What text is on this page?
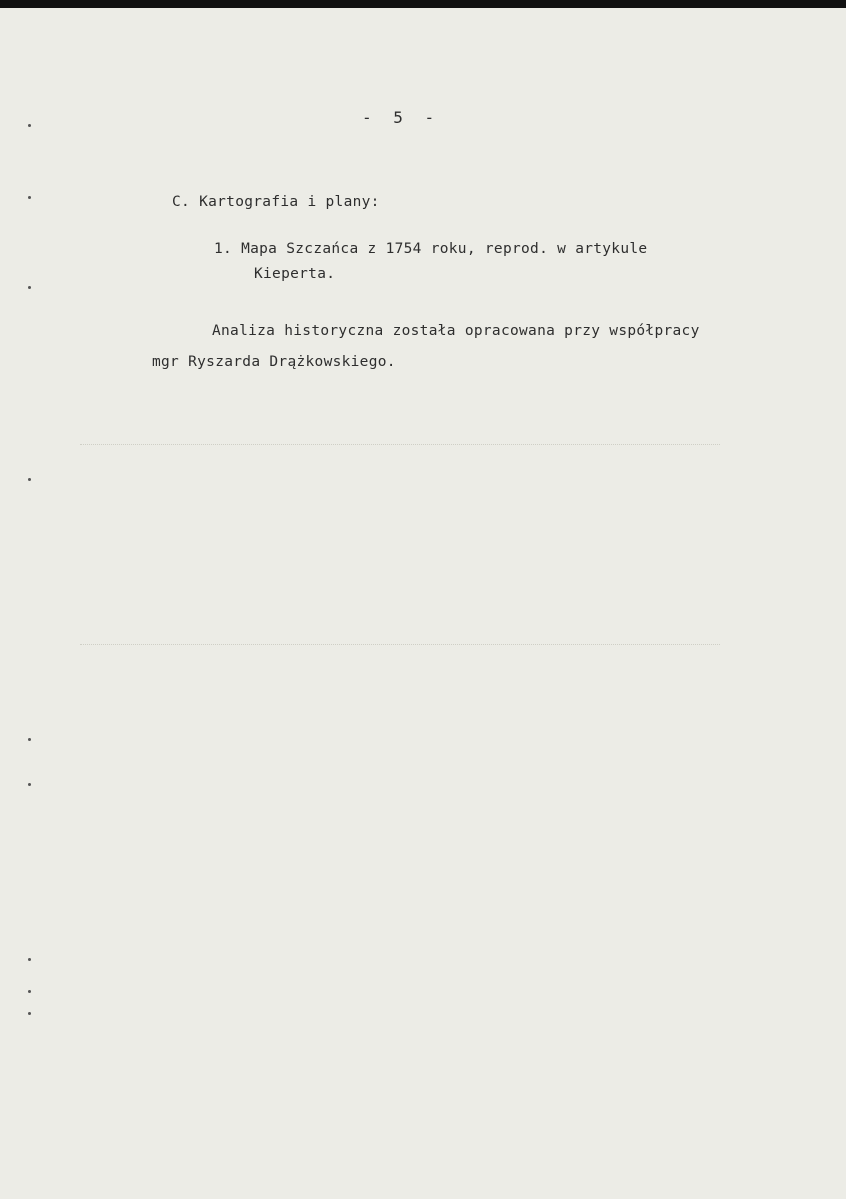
- 5 -
C. Kartografia i plany:
1. Mapa Szczańca z 1754 roku, reprod. w artykule
Kieperta.
Analiza historyczna została opracowana przy współpracy
mgr Ryszarda Drążkowskiego.
